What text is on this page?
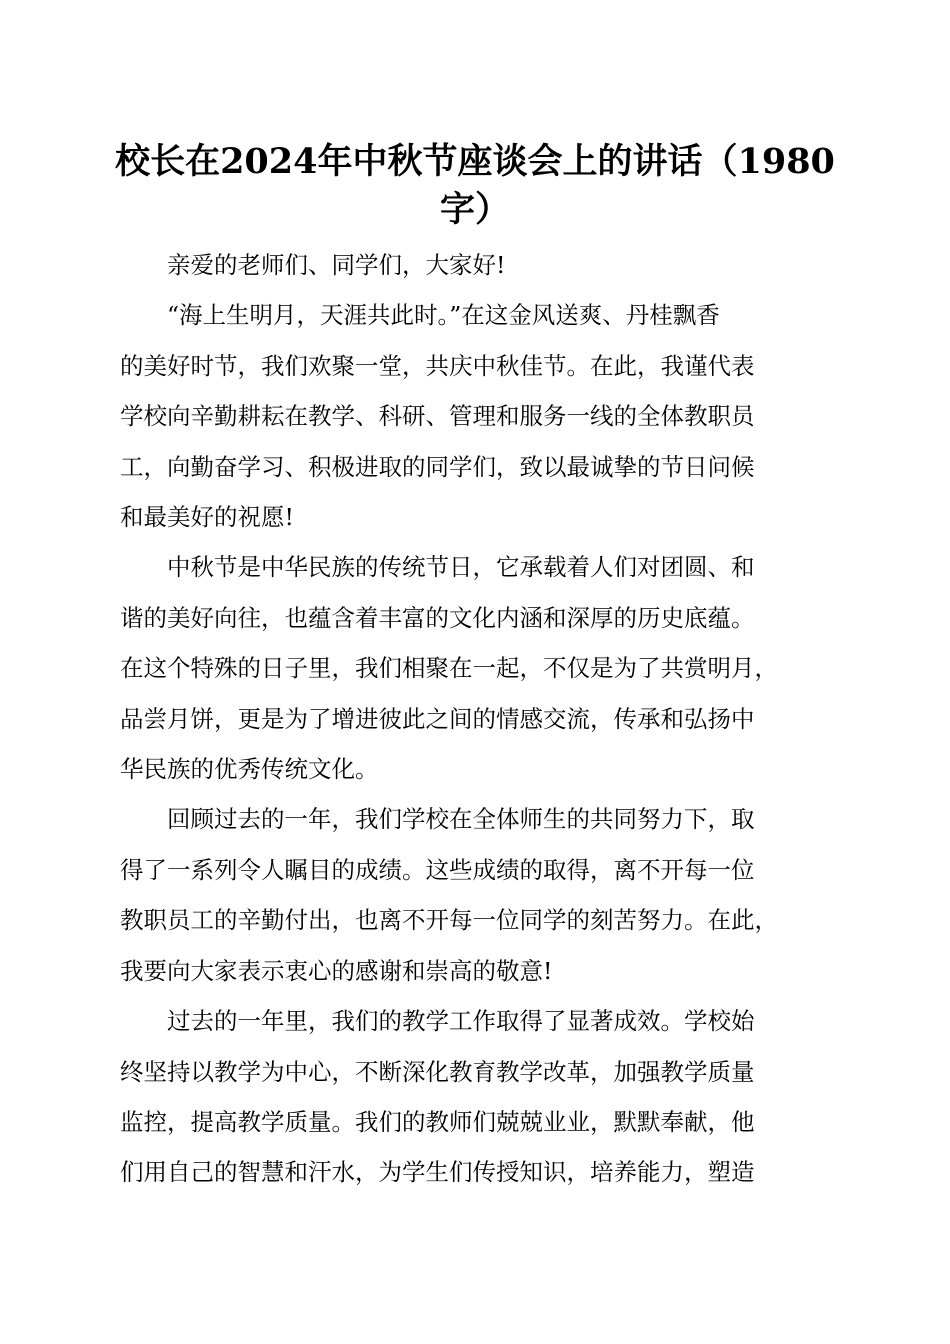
校长在2024年中秋节座谈会上的讲话（1980
字）

亲爱的老师们、同学们，大家好!

“海上生明月，天涯共此时。”在这金风送爽、丹桂飘香
的美好时节，我们欢聚一堂，共庆中秋佳节。在此，我谨代表
学校向辛勤耕耘在教学、科研、管理和服务一线的全体教职员
工，向勤奋学习、积极进取的同学们，致以最诚挚的节日问候
和最美好的祝愿!

中秋节是中华民族的传统节日，它承载着人们对团圆、和
谐的美好向往，也蕴含着丰富的文化内涵和深厚的历史底蕴。
在这个特殊的日子里，我们相聚在一起，不仅是为了共赏明月，
品尝月饼，更是为了增进彼此之间的情感交流，传承和弘扬中
华民族的优秀传统文化。

回顾过去的一年，我们学校在全体师生的共同努力下，取
得了一系列令人瞩目的成绩。这些成绩的取得，离不开每一位
教职员工的辛勤付出，也离不开每一位同学的刻苦努力。在此，
我要向大家表示衷心的感谢和崇高的敬意!

过去的一年里，我们的教学工作取得了显著成效。学校始
终坚持以教学为中心，不断深化教育教学改革，加强教学质量
监控，提高教学质量。我们的教师们兢兢业业，默默奉献，他
们用自己的智慧和汗水，为学生们传授知识，培养能力，塑造
